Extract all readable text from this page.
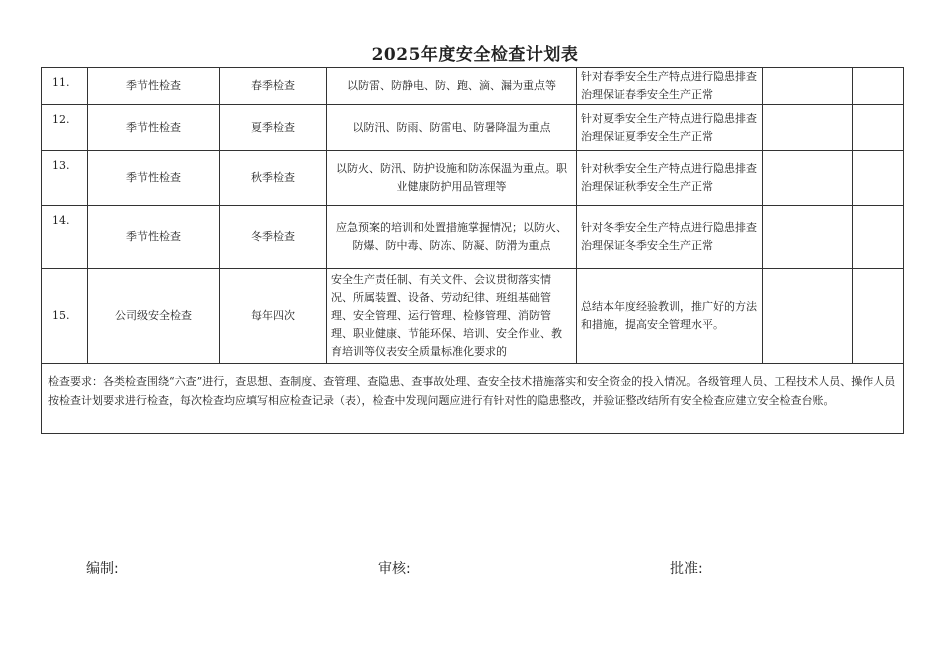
2025年度安全检查计划表
11.	季节性检查	春季检查	以防雷、防静电、防、跑、滴、漏为重点等	针对春季安全生产特点进行隐患排查治理保证春季安全生产正常		
12.	季节性检查	夏季检查	以防汛、防雨、防雷电、防暑降温为重点	针对夏季安全生产特点进行隐患排查治理保证夏季安全生产正常		
13.	季节性检查	秋季检查	以防火、防汛、防护设施和防冻保温为重点。职业健康防护用品管理等	针对秋季安全生产特点进行隐患排查治理保证秋季安全生产正常		
14.	季节性检查	冬季检查	应急预案的培训和处置措施掌握情况；以防火、防爆、防中毒、防冻、防凝、防滑为重点	针对冬季安全生产特点进行隐患排查治理保证冬季安全生产正常		
15.	公司级安全检查	每年四次	安全生产责任制、有关文件、会议贯彻落实情况、所属装置、设备、劳动纪律、班组基础管理、安全管理、运行管理、检修管理、消防管理、职业健康、节能环保、培训、安全作业、教育培训等仪表安全质量标准化要求的	总结本年度经验教训，推广好的方法和措施，提高安全管理水平。		
检查要求：各类检查围绕“六查”进行，查思想、查制度、查管理、查隐患、查事故处理、查安全技术措施落实和安全资金的投入情况。各级管理人员、工程技术人员、操作人员按检查计划要求进行检查，每次检查均应填写相应检查记录（表），检查中发现问题应进行有针对性的隐患整改，并验证整改结所有安全检查应建立安全检查台账。						
编制:	审核:	批准:
